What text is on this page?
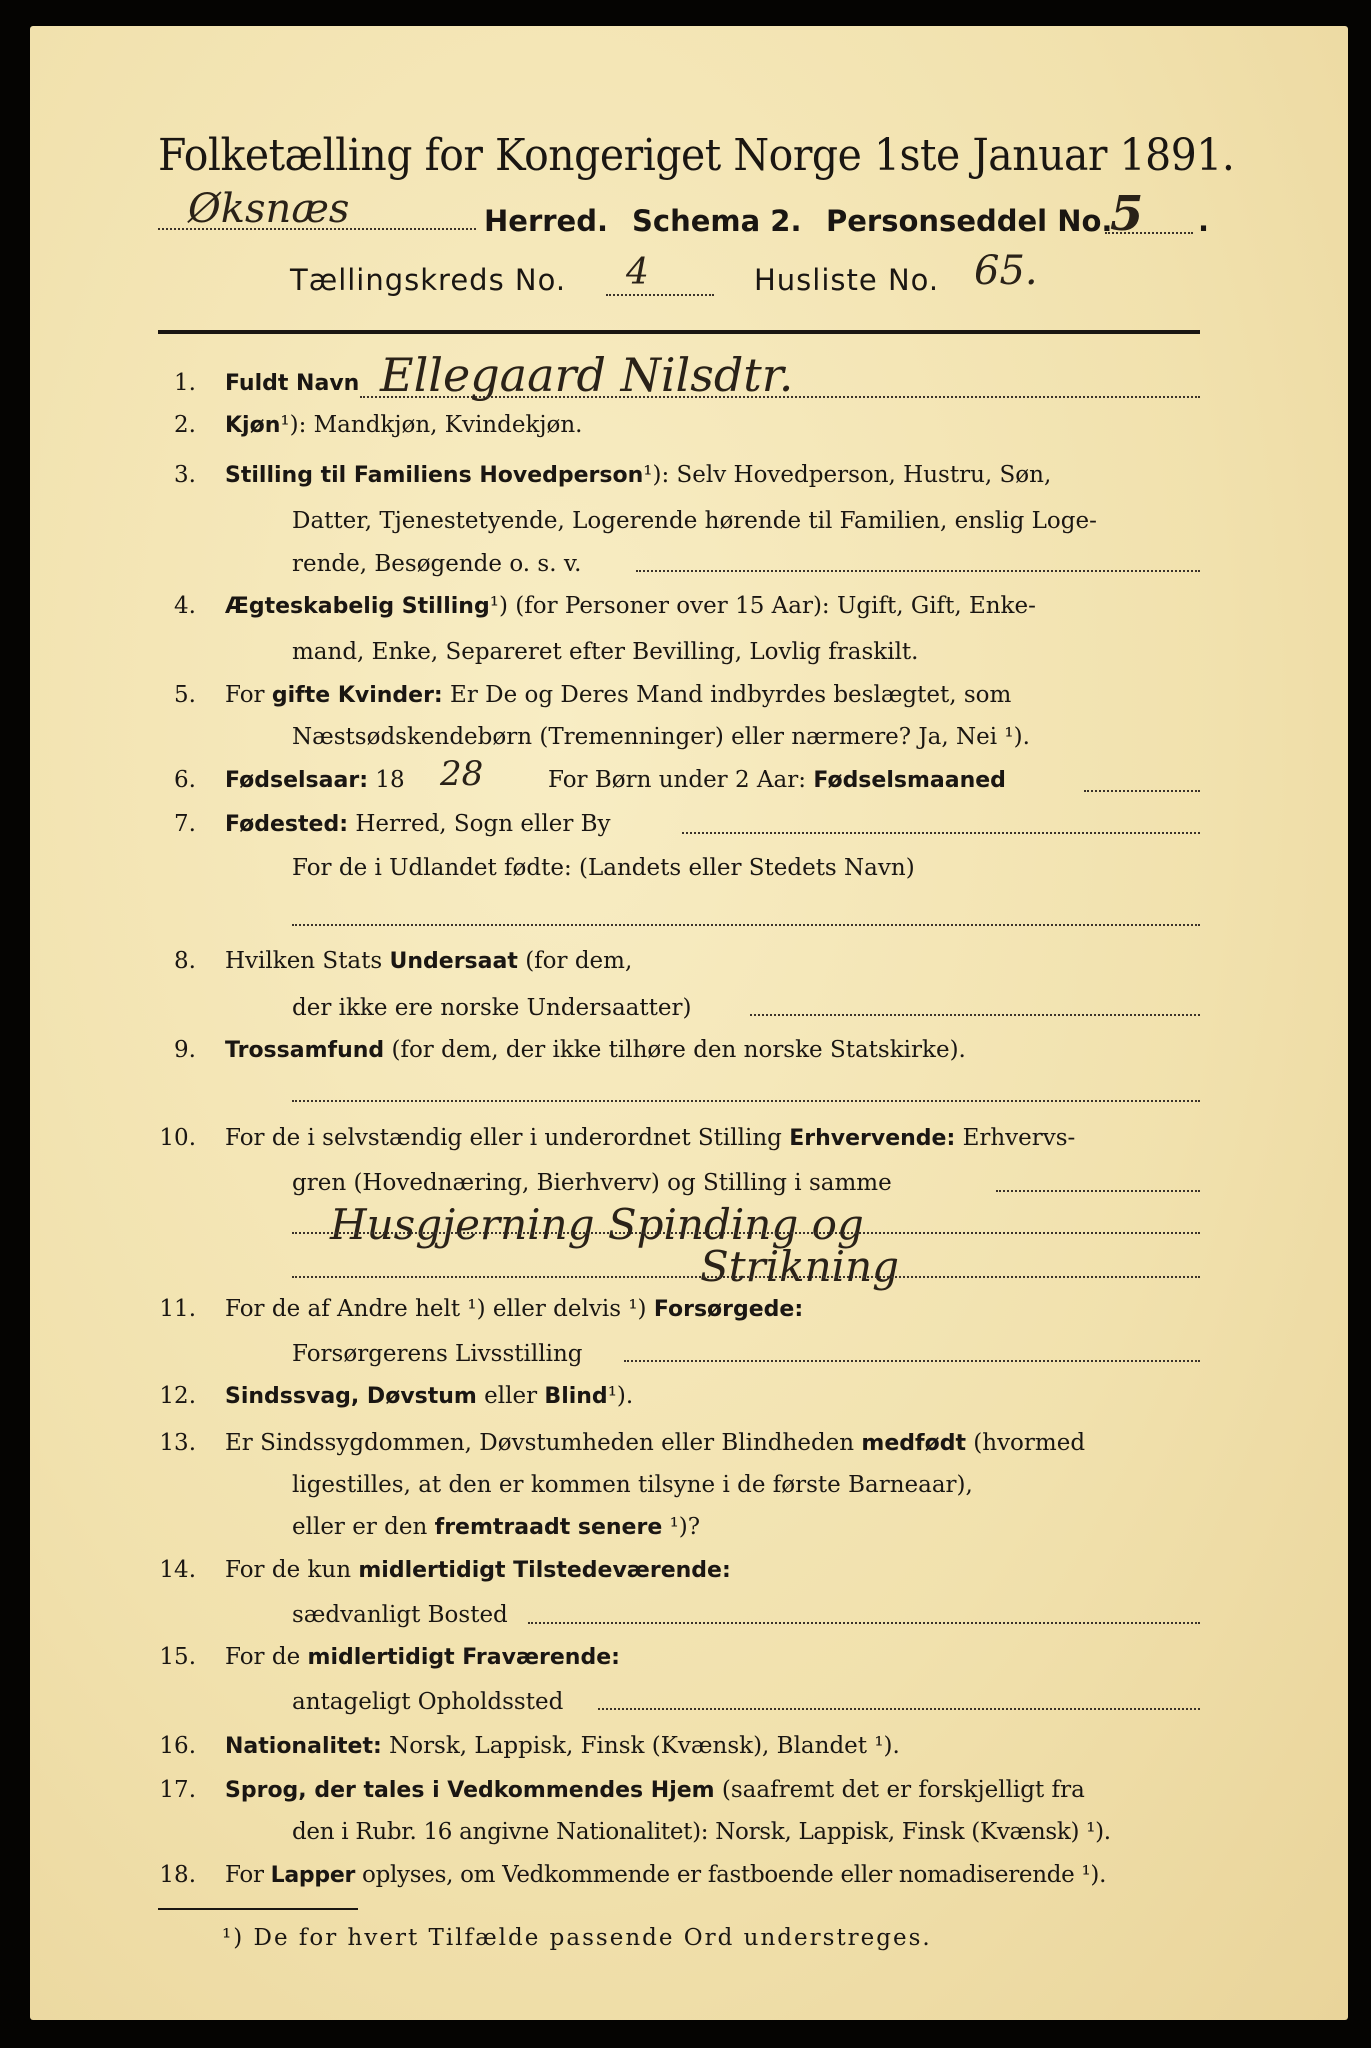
Folketælling for Kongeriget Norge 1ste Januar 1891.
Øksnæs	Herred. Schema 2. Personseddel No.
5 .
Tællingskreds No. 4	Husliste No. 65.
1. Fuldt Navn Ellegaard Nilsdtr.
2. Kjøn¹): Mandkjøn, Kvindekjøn.
3. Stilling til Familiens Hovedperson¹): Selv Hovedperson, Hustru, Søn,
Datter, Tjenestetyende, Logerende hørende til Familien, enslig Loge-
rende, Besøgende o. s. v.
4. Ægteskabelig Stilling¹) (for Personer over 15 Aar): Ugift, Gift, Enke-
mand, Enke, Separeret efter Bevilling, Lovlig fraskilt.
5. For gifte Kvinder: Er De og Deres Mand indbyrdes beslægtet, som
Næstsødskendebørn (Tremenninger) eller nærmere? Ja, Nei ¹).
6. Fødselsaar: 18 28	For Børn under 2 Aar: Fødselsmaaned
7. Fødested: Herred, Sogn eller By
For de i Udlandet fødte: (Landets eller Stedets Navn)
8. Hvilken Stats Undersaat (for dem,
der ikke ere norske Undersaatter)
9. Trossamfund (for dem, der ikke tilhøre den norske Statskirke).
10. For de i selvstændig eller i underordnet Stilling Erhvervende: Erhvervs-
gren (Hovednæring, Bierhverv) og Stilling i samme
Husgjerning Spinding og
Strikning
11. For de af Andre helt ¹) eller delvis ¹) Forsørgede:
Forsørgerens Livsstilling
12. Sindssvag, Døvstum eller Blind¹).
13. Er Sindssygdommen, Døvstumheden eller Blindheden medfødt (hvormed
ligestilles, at den er kommen tilsyne i de første Barneaar),
eller er den fremtraadt senere ¹)?
14. For de kun midlertidigt Tilstedeværende:
sædvanligt Bosted
15. For de midlertidigt Fraværende:
antageligt Opholdssted
16. Nationalitet: Norsk, Lappisk, Finsk (Kvænsk), Blandet ¹).
17. Sprog, der tales i Vedkommendes Hjem (saafremt det er forskjelligt fra
den i Rubr. 16 angivne Nationalitet): Norsk, Lappisk, Finsk (Kvænsk) ¹).
18. For Lapper oplyses, om Vedkommende er fastboende eller nomadiserende ¹).
¹) De for hvert Tilfælde passende Ord understreges.
